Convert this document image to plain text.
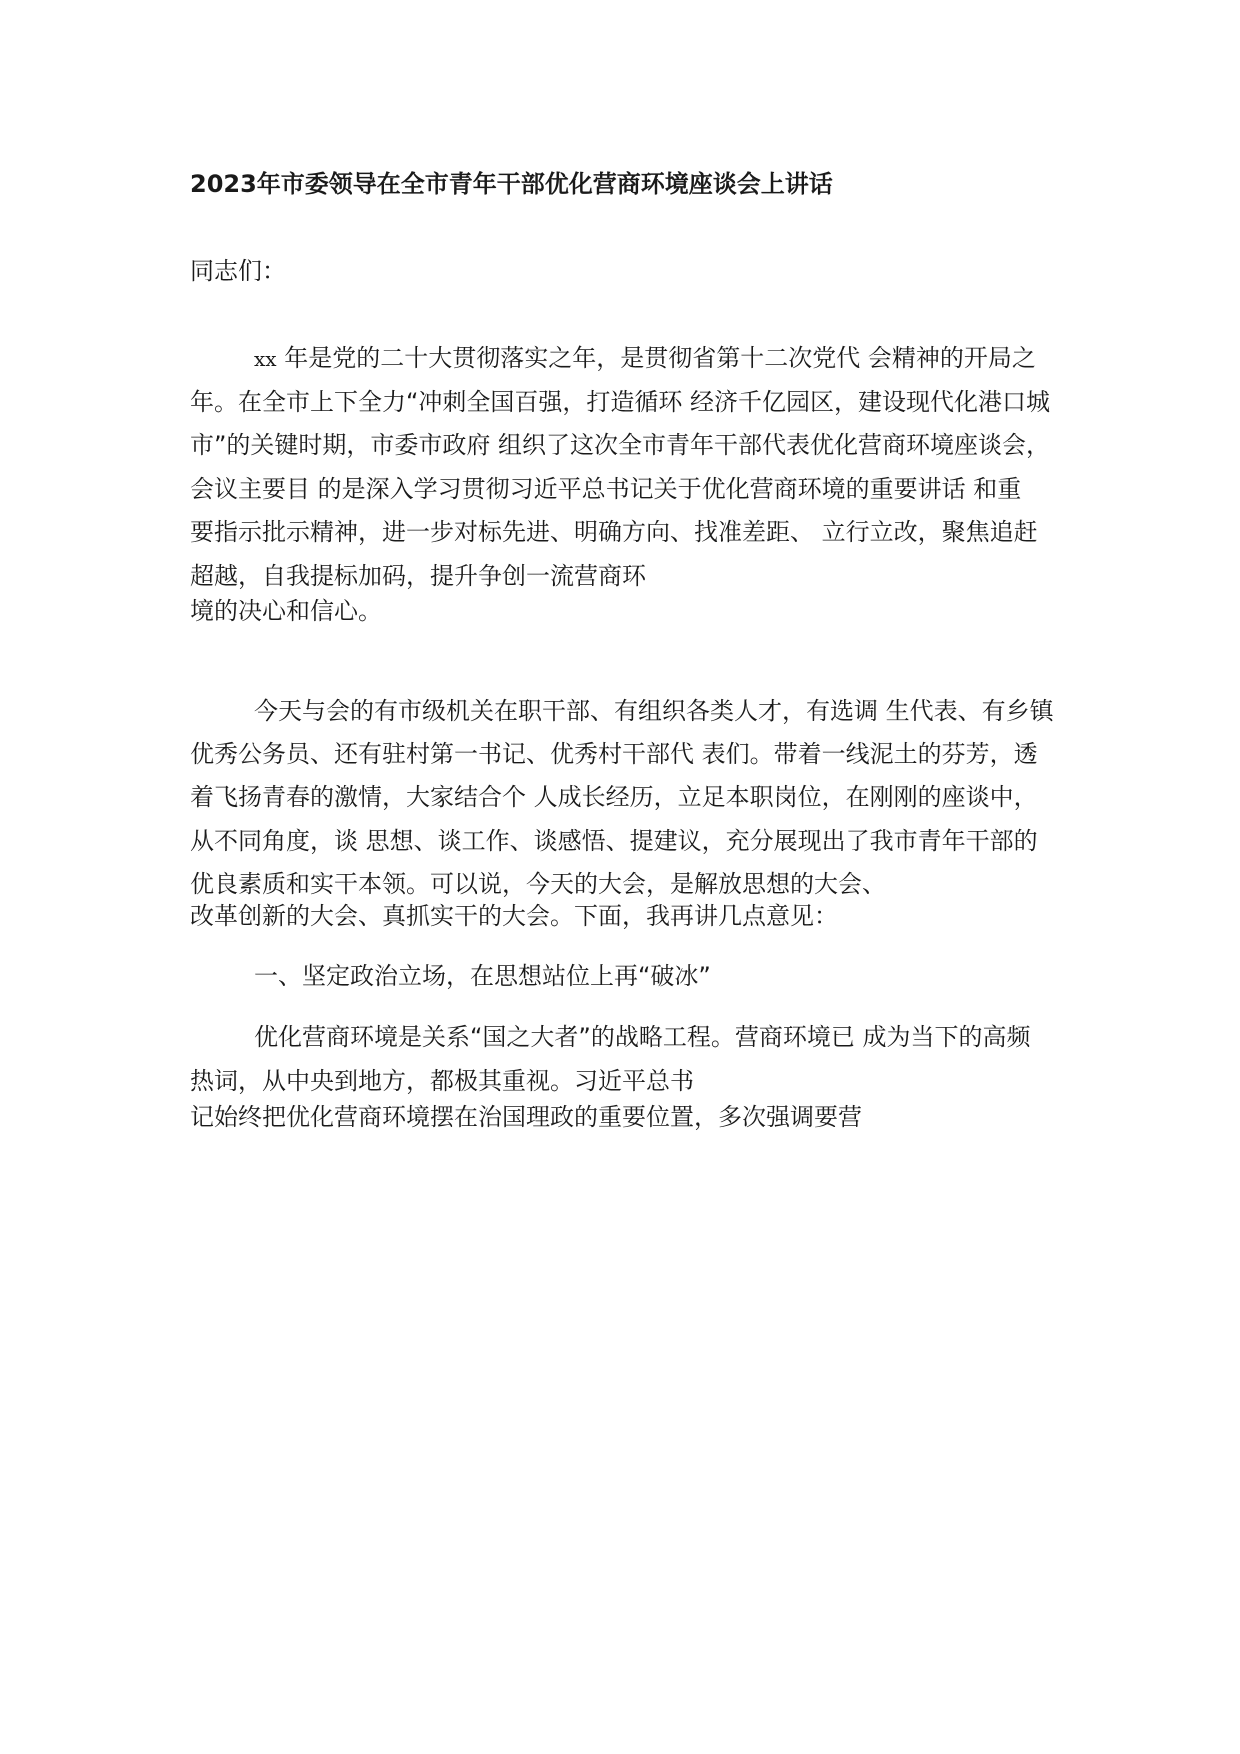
2023年市委领导在全市青年干部优化营商环境座谈会上讲话
同志们：
xx 年是党的二十大贯彻落实之年，是贯彻省第十二次党代 会精神的开局之
年。在全市上下全力“冲刺全国百强，打造循环 经济千亿园区，建设现代化港口城
市”的关键时期，市委市政府 组织了这次全市青年干部代表优化营商环境座谈会，
会议主要目 的是深入学习贯彻习近平总书记关于优化营商环境的重要讲话 和重
要指示批示精神，进一步对标先进、明确方向、找准差距、 立行立改，聚焦追赶
超越，自我提标加码，提升争创一流营商环
境的决心和信心。
今天与会的有市级机关在职干部、有组织各类人才，有选调 生代表、有乡镇
优秀公务员、还有驻村第一书记、优秀村干部代 表们。带着一线泥土的芬芳，透
着飞扬青春的激情，大家结合个 人成长经历，立足本职岗位，在刚刚的座谈中，
从不同角度，谈 思想、谈工作、谈感悟、提建议，充分展现出了我市青年干部的
优良素质和实干本领。可以说，今天的大会，是解放思想的大会、
改革创新的大会、真抓实干的大会。下面，我再讲几点意见：
一、坚定政治立场，在思想站位上再“破冰”
优化营商环境是关系“国之大者”的战略工程。营商环境已 成为当下的高频
热词，从中央到地方，都极其重视。习近平总书
记始终把优化营商环境摆在治国理政的重要位置，多次强调要营
